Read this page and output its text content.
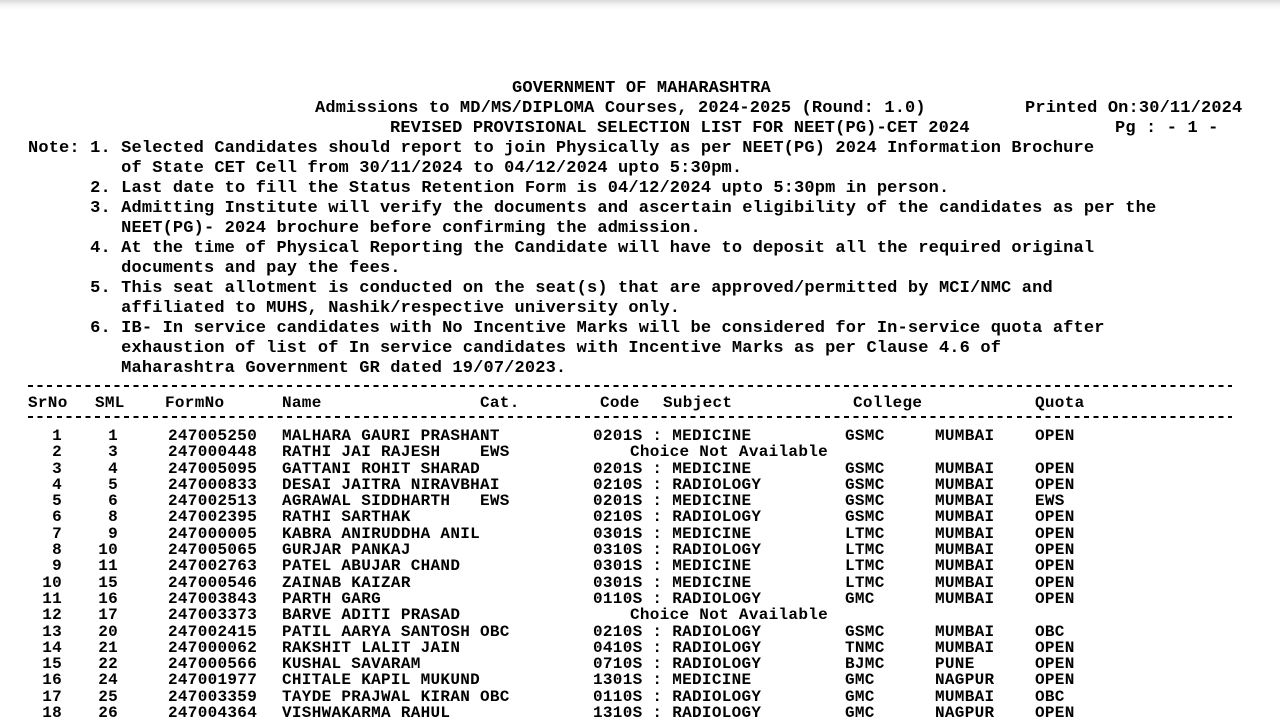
GOVERNMENT OF MAHARASHTRA
Admissions to MD/MS/DIPLOMA Courses, 2024-2025 (Round: 1.0)	Printed On:30/11/2024
REVISED PROVISIONAL SELECTION LIST FOR NEET(PG)-CET 2024	Pg : - 1 -
Note: 1. Selected Candidates should report to join Physically as per NEET(PG) 2024 Information Brochure
of State CET Cell from 30/11/2024 to 04/12/2024 upto 5:30pm.
2. Last date to fill the Status Retention Form is 04/12/2024 upto 5:30pm in person.
3. Admitting Institute will verify the documents and ascertain eligibility of the candidates as per the
NEET(PG)- 2024 brochure before confirming the admission.
4. At the time of Physical Reporting the Candidate will have to deposit all the required original
documents and pay the fees.
5. This seat allotment is conducted on the seat(s) that are approved/permitted by MCI/NMC and
affiliated to MUHS, Nashik/respective university only.
6. IB- In service candidates with No Incentive Marks will be considered for In-service quota after
exhaustion of list of In service candidates with Incentive Marks as per Clause 4.6 of
Maharashtra Government GR dated 19/07/2023.
SrNo SML	FormNo	Name	Cat.	Code Subject	College	Quota
1	1	247005250 MALHARA GAURI PRASHANT	0201S : MEDICINE	GSMC	MUMBAI	OPEN
2	3	247000448 RATHI JAI RAJESH EWS	Choice Not Available
3	4	247005095 GATTANI ROHIT SHARAD	0201S : MEDICINE	GSMC	MUMBAI	OPEN
4	5	247000833 DESAI JAITRA NIRAVBHAI	0210S : RADIOLOGY	GSMC	MUMBAI	OPEN
5	6	247002513 AGRAWAL SIDDHARTH EWS	0201S : MEDICINE	GSMC	MUMBAI	EWS
6	8	247002395 RATHI SARTHAK	0210S : RADIOLOGY	GSMC	MUMBAI	OPEN
7	9	247000005 KABRA ANIRUDDHA ANIL	0301S : MEDICINE	LTMC	MUMBAI	OPEN
8	10	247005065 GURJAR PANKAJ	0310S : RADIOLOGY	LTMC	MUMBAI	OPEN
9	11	247002763 PATEL ABUJAR CHAND	0301S : MEDICINE	LTMC	MUMBAI	OPEN
10	15	247000546 ZAINAB KAIZAR	0301S : MEDICINE	LTMC	MUMBAI	OPEN
11	16	247003843 PARTH GARG	0110S : RADIOLOGY	GMC	MUMBAI	OPEN
12	17	247003373 BARVE ADITI PRASAD	Choice Not Available
13	20	247002415 PATIL AARYA SANTOSH OBC	0210S : RADIOLOGY	GSMC	MUMBAI	OBC
14	21	247000062 RAKSHIT LALIT JAIN	0410S : RADIOLOGY	TNMC	MUMBAI	OPEN
15	22	247000566 KUSHAL SAVARAM	0710S : RADIOLOGY	BJMC	PUNE	OPEN
16	24	247001977 CHITALE KAPIL MUKUND	1301S : MEDICINE	GMC	NAGPUR	OPEN
17	25	247003359 TAYDE PRAJWAL KIRAN OBC	0110S : RADIOLOGY	GMC	MUMBAI	OBC
18	26	247004364 VISHWAKARMA RAHUL	1310S : RADIOLOGY	GMC	NAGPUR	OPEN
